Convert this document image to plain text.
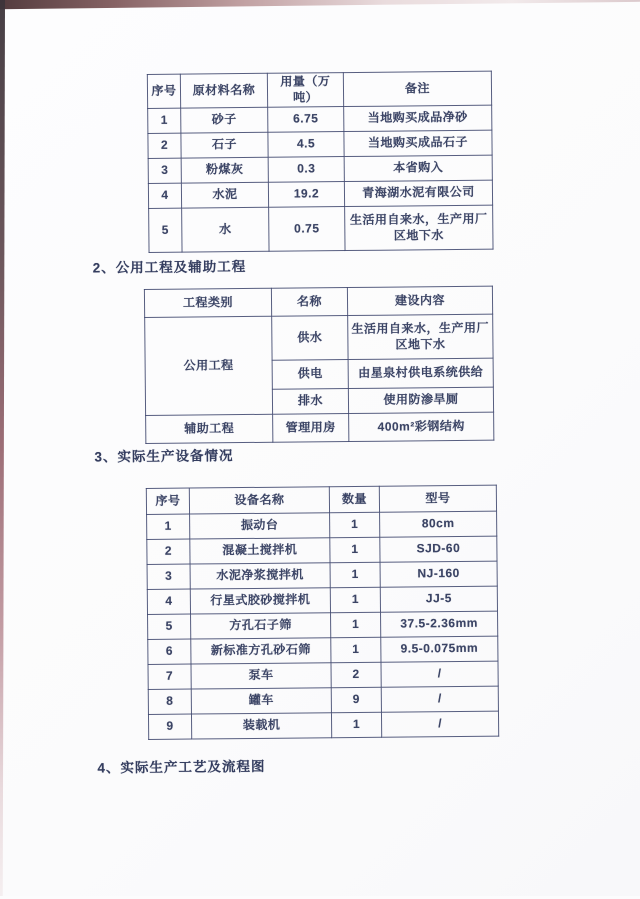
序号	原材料名称	用量（万吨）	备注
1	砂子	6.75	当地购买成品净砂
2	石子	4.5	当地购买成品石子
3	粉煤灰	0.3	本省购入
4	水泥	19.2	青海湖水泥有限公司
5	水	0.75	生活用自来水，生产用厂区地下水
2、公用工程及辅助工程
工程类别	名称	建设内容
公用工程	供水	生活用自来水，生产用厂区地下水
	供电	由星泉村供电系统供给
	排水	使用防渗旱厕
辅助工程	管理用房	400m²彩钢结构
3、实际生产设备情况
序号	设备名称	数量	型号
1	振动台	1	80cm
2	混凝土搅拌机	1	SJD-60
3	水泥净浆搅拌机	1	NJ-160
4	行星式胶砂搅拌机	1	JJ-5
5	方孔石子筛	1	37.5-2.36mm
6	新标准方孔砂石筛	1	9.5-0.075mm
7	泵车	2	/
8	罐车	9	/
9	装载机	1	/
4、实际生产工艺及流程图
